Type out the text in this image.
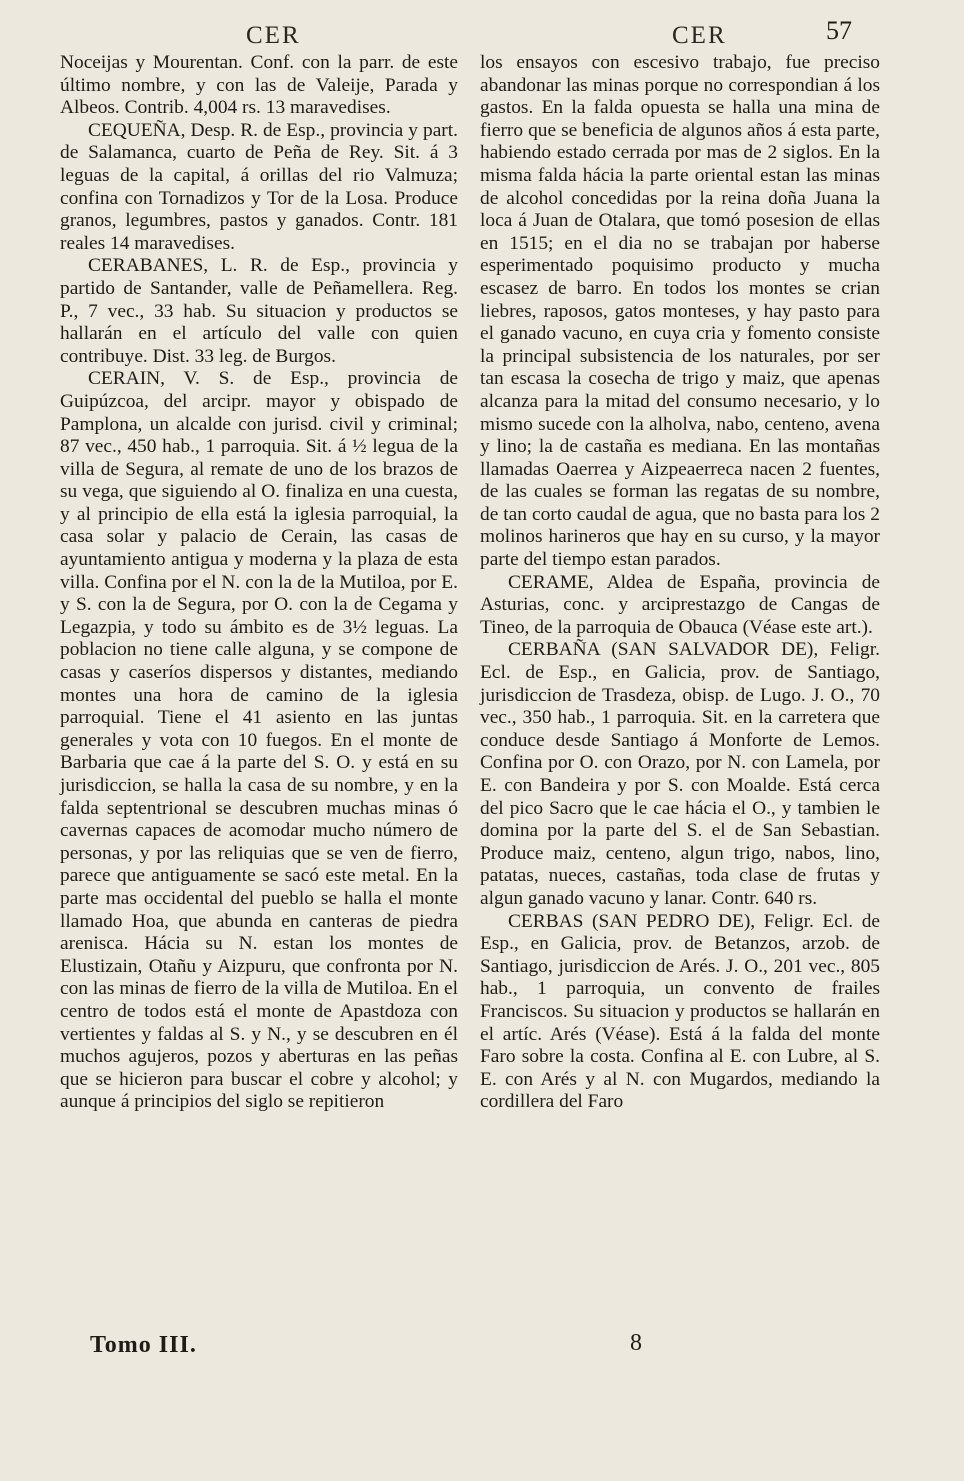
CER	CER	57

Noceijas y Mourentan. Conf. con la parr. de este último nombre, y con las de Valeije, Parada y Albeos. Contrib. 4,004 rs. 13 maravedises.

CEQUEÑA, Desp. R. de Esp., provincia y part. de Salamanca, cuarto de Peña de Rey. Sit. á 3 leguas de la capital, á orillas del rio Valmuza; confina con Tornadizos y Tor de la Losa. Produce granos, legumbres, pastos y ganados. Contr. 181 reales 14 maravedises.

CERABANES, L. R. de Esp., provincia y partido de Santander, valle de Peñamellera. Reg. P., 7 vec., 33 hab. Su situacion y productos se hallarán en el artículo del valle con quien contribuye. Dist. 33 leg. de Burgos.

CERAIN, V. S. de Esp., provincia de Guipúzcoa, del arcipr. mayor y obispado de Pamplona, un alcalde con jurisd. civil y criminal; 87 vec., 450 hab., 1 parroquia. Sit. á ½ legua de la villa de Segura, al remate de uno de los brazos de su vega, que siguiendo al O. finaliza en una cuesta, y al principio de ella está la iglesia parroquial, la casa solar y palacio de Cerain, las casas de ayuntamiento antigua y moderna y la plaza de esta villa. Confina por el N. con la de la Mutiloa, por E. y S. con la de Segura, por O. con la de Cegama y Legazpia, y todo su ámbito es de 3½ leguas. La poblacion no tiene calle alguna, y se compone de casas y caseríos dispersos y distantes, mediando montes una hora de camino de la iglesia parroquial. Tiene el 41 asiento en las juntas generales y vota con 10 fuegos. En el monte de Barbaria que cae á la parte del S. O. y está en su jurisdiccion, se halla la casa de su nombre, y en la falda septentrional se descubren muchas minas ó cavernas capaces de acomodar mucho número de personas, y por las reliquias que se ven de fierro, parece que antiguamente se sacó este metal. En la parte mas occidental del pueblo se halla el monte llamado Hoa, que abunda en canteras de piedra arenisca. Hácia su N. estan los montes de Elustizain, Otañu y Aizpuru, que confronta por N. con las minas de fierro de la villa de Mutiloa. En el centro de todos está el monte de Apastdoza con vertientes y faldas al S. y N., y se descubren en él muchos agujeros, pozos y aberturas en las peñas que se hicieron para buscar el cobre y alcohol; y aunque á principios del siglo se repitieron

los ensayos con escesivo trabajo, fue preciso abandonar las minas porque no correspondian á los gastos. En la falda opuesta se halla una mina de fierro que se beneficia de algunos años á esta parte, habiendo estado cerrada por mas de 2 siglos. En la misma falda hácia la parte oriental estan las minas de alcohol concedidas por la reina doña Juana la loca á Juan de Otalara, que tomó posesion de ellas en 1515; en el dia no se trabajan por haberse esperimentado poquisimo producto y mucha escasez de barro. En todos los montes se crian liebres, raposos, gatos monteses, y hay pasto para el ganado vacuno, en cuya cria y fomento consiste la principal subsistencia de los naturales, por ser tan escasa la cosecha de trigo y maiz, que apenas alcanza para la mitad del consumo necesario, y lo mismo sucede con la alholva, nabo, centeno, avena y lino; la de castaña es mediana. En las montañas llamadas Oaerrea y Aizpeaerreca nacen 2 fuentes, de las cuales se forman las regatas de su nombre, de tan corto caudal de agua, que no basta para los 2 molinos harineros que hay en su curso, y la mayor parte del tiempo estan parados.

CERAME, Aldea de España, provincia de Asturias, conc. y arciprestazgo de Cangas de Tineo, de la parroquia de Obauca (Véase este art.).

CERBAÑA (SAN SALVADOR DE), Feligr. Ecl. de Esp., en Galicia, prov. de Santiago, jurisdiccion de Trasdeza, obisp. de Lugo. J. O., 70 vec., 350 hab., 1 parroquia. Sit. en la carretera que conduce desde Santiago á Monforte de Lemos. Confina por O. con Orazo, por N. con Lamela, por E. con Bandeira y por S. con Moalde. Está cerca del pico Sacro que le cae hácia el O., y tambien le domina por la parte del S. el de San Sebastian. Produce maiz, centeno, algun trigo, nabos, lino, patatas, nueces, castañas, toda clase de frutas y algun ganado vacuno y lanar. Contr. 640 rs.

CERBAS (SAN PEDRO DE), Feligr. Ecl. de Esp., en Galicia, prov. de Betanzos, arzob. de Santiago, jurisdiccion de Arés. J. O., 201 vec., 805 hab., 1 parroquia, un convento de frailes Franciscos. Su situacion y productos se hallarán en el artíc. Arés (Véase). Está á la falda del monte Faro sobre la costa. Confina al E. con Lubre, al S. E. con Arés y al N. con Mugardos, mediando la cordillera del Faro

Tomo III.	8
